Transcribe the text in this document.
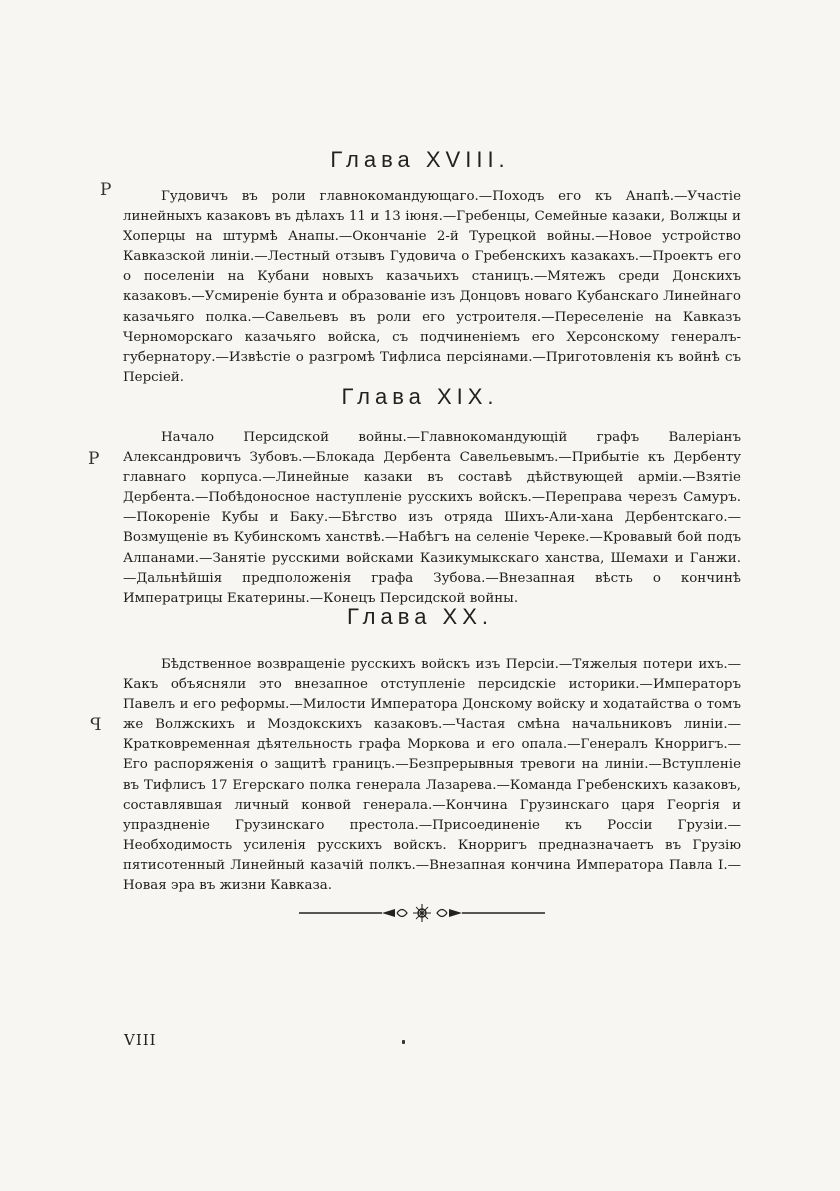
Глава XVIII.

Гудовичъ въ роли главнокомандующаго.—Походъ его къ Анапѣ.—Участіе линейныхъ казаковъ въ дѣлахъ 11 и 13 іюня.—Гребенцы, Семейные казаки, Волжцы и Хоперцы на штурмѣ Анапы.—Окончаніе 2-й Турецкой войны.—Новое устройство Кавказской линіи.—Лестный отзывъ Гудовича о Гребенскихъ казакахъ.—Проектъ его о поселеніи на Кубани новыхъ казачьихъ станицъ.—Мятежъ среди Донскихъ казаковъ.—Усмиреніе бунта и образованіе изъ Донцовъ новаго Кубанскаго Линейнаго казачьяго полка.—Савельевъ въ роли его устроителя.—Переселеніе на Кавказъ Черноморскаго казачьяго войска, съ подчиненіемъ его Херсонскому генералъ-губернатору.—Извѣстіе о разгромѣ Тифлиса персіянами.—Приготовленія къ войнѣ съ Персіей.

Глава XIX.

Начало Персидской войны.—Главнокомандующій графъ Валеріанъ Александровичъ Зубовъ.—Блокада Дербента Савельевымъ.—Прибытіе къ Дербенту главнаго корпуса.—Линейные казаки въ составѣ дѣйствующей арміи.—Взятіе Дербента.—Побѣдоносное наступленіе русскихъ войскъ.—Переправа черезъ Самуръ.—Покореніе Кубы и Баку.—Бѣгство изъ отряда Шихъ-Али-хана Дербентскаго.—Возмущеніе въ Кубинскомъ ханствѣ.—Набѣгъ на селеніе Череке.—Кровавый бой подъ Алпанами.—Занятіе русскими войсками Казикумыкскаго ханства, Шемахи и Ганжи.—Дальнѣйшія предположенія графа Зубова.—Внезапная вѣсть о кончинѣ Императрицы Екатерины.—Конецъ Персидской войны.

Глава XX.

Бѣдственное возвращеніе русскихъ войскъ изъ Персіи.—Тяжелыя потери ихъ.—Какъ объясняли это внезапное отступленіе персидскіе историки.—Императоръ Павелъ и его реформы.—Милости Императора Донскому войску и ходатайства о томъ же Волжскихъ и Моздокскихъ казаковъ.—Частая смѣна начальниковъ линіи.—Кратковременная дѣятельность графа Моркова и его опала.—Генералъ Кнорригъ.—Его распоряженія о защитѣ границъ.—Безпрерывныя тревоги на линіи.—Вступленіе въ Тифлисъ 17 Егерскаго полка генерала Лазарева.—Команда Гребенскихъ казаковъ, составлявшая личный конвой генерала.—Кончина Грузинскаго царя Георгія и упраздненіе Грузинскаго престола.—Присоединеніе къ Россіи Грузіи.—Необходимость усиленія русскихъ войскъ. Кнорригъ предназначаетъ въ Грузію пятисотенный Линейный казачій полкъ.—Внезапная кончина Императора Павла I.—Новая эра въ жизни Кавказа.

P
P
P
VIII
